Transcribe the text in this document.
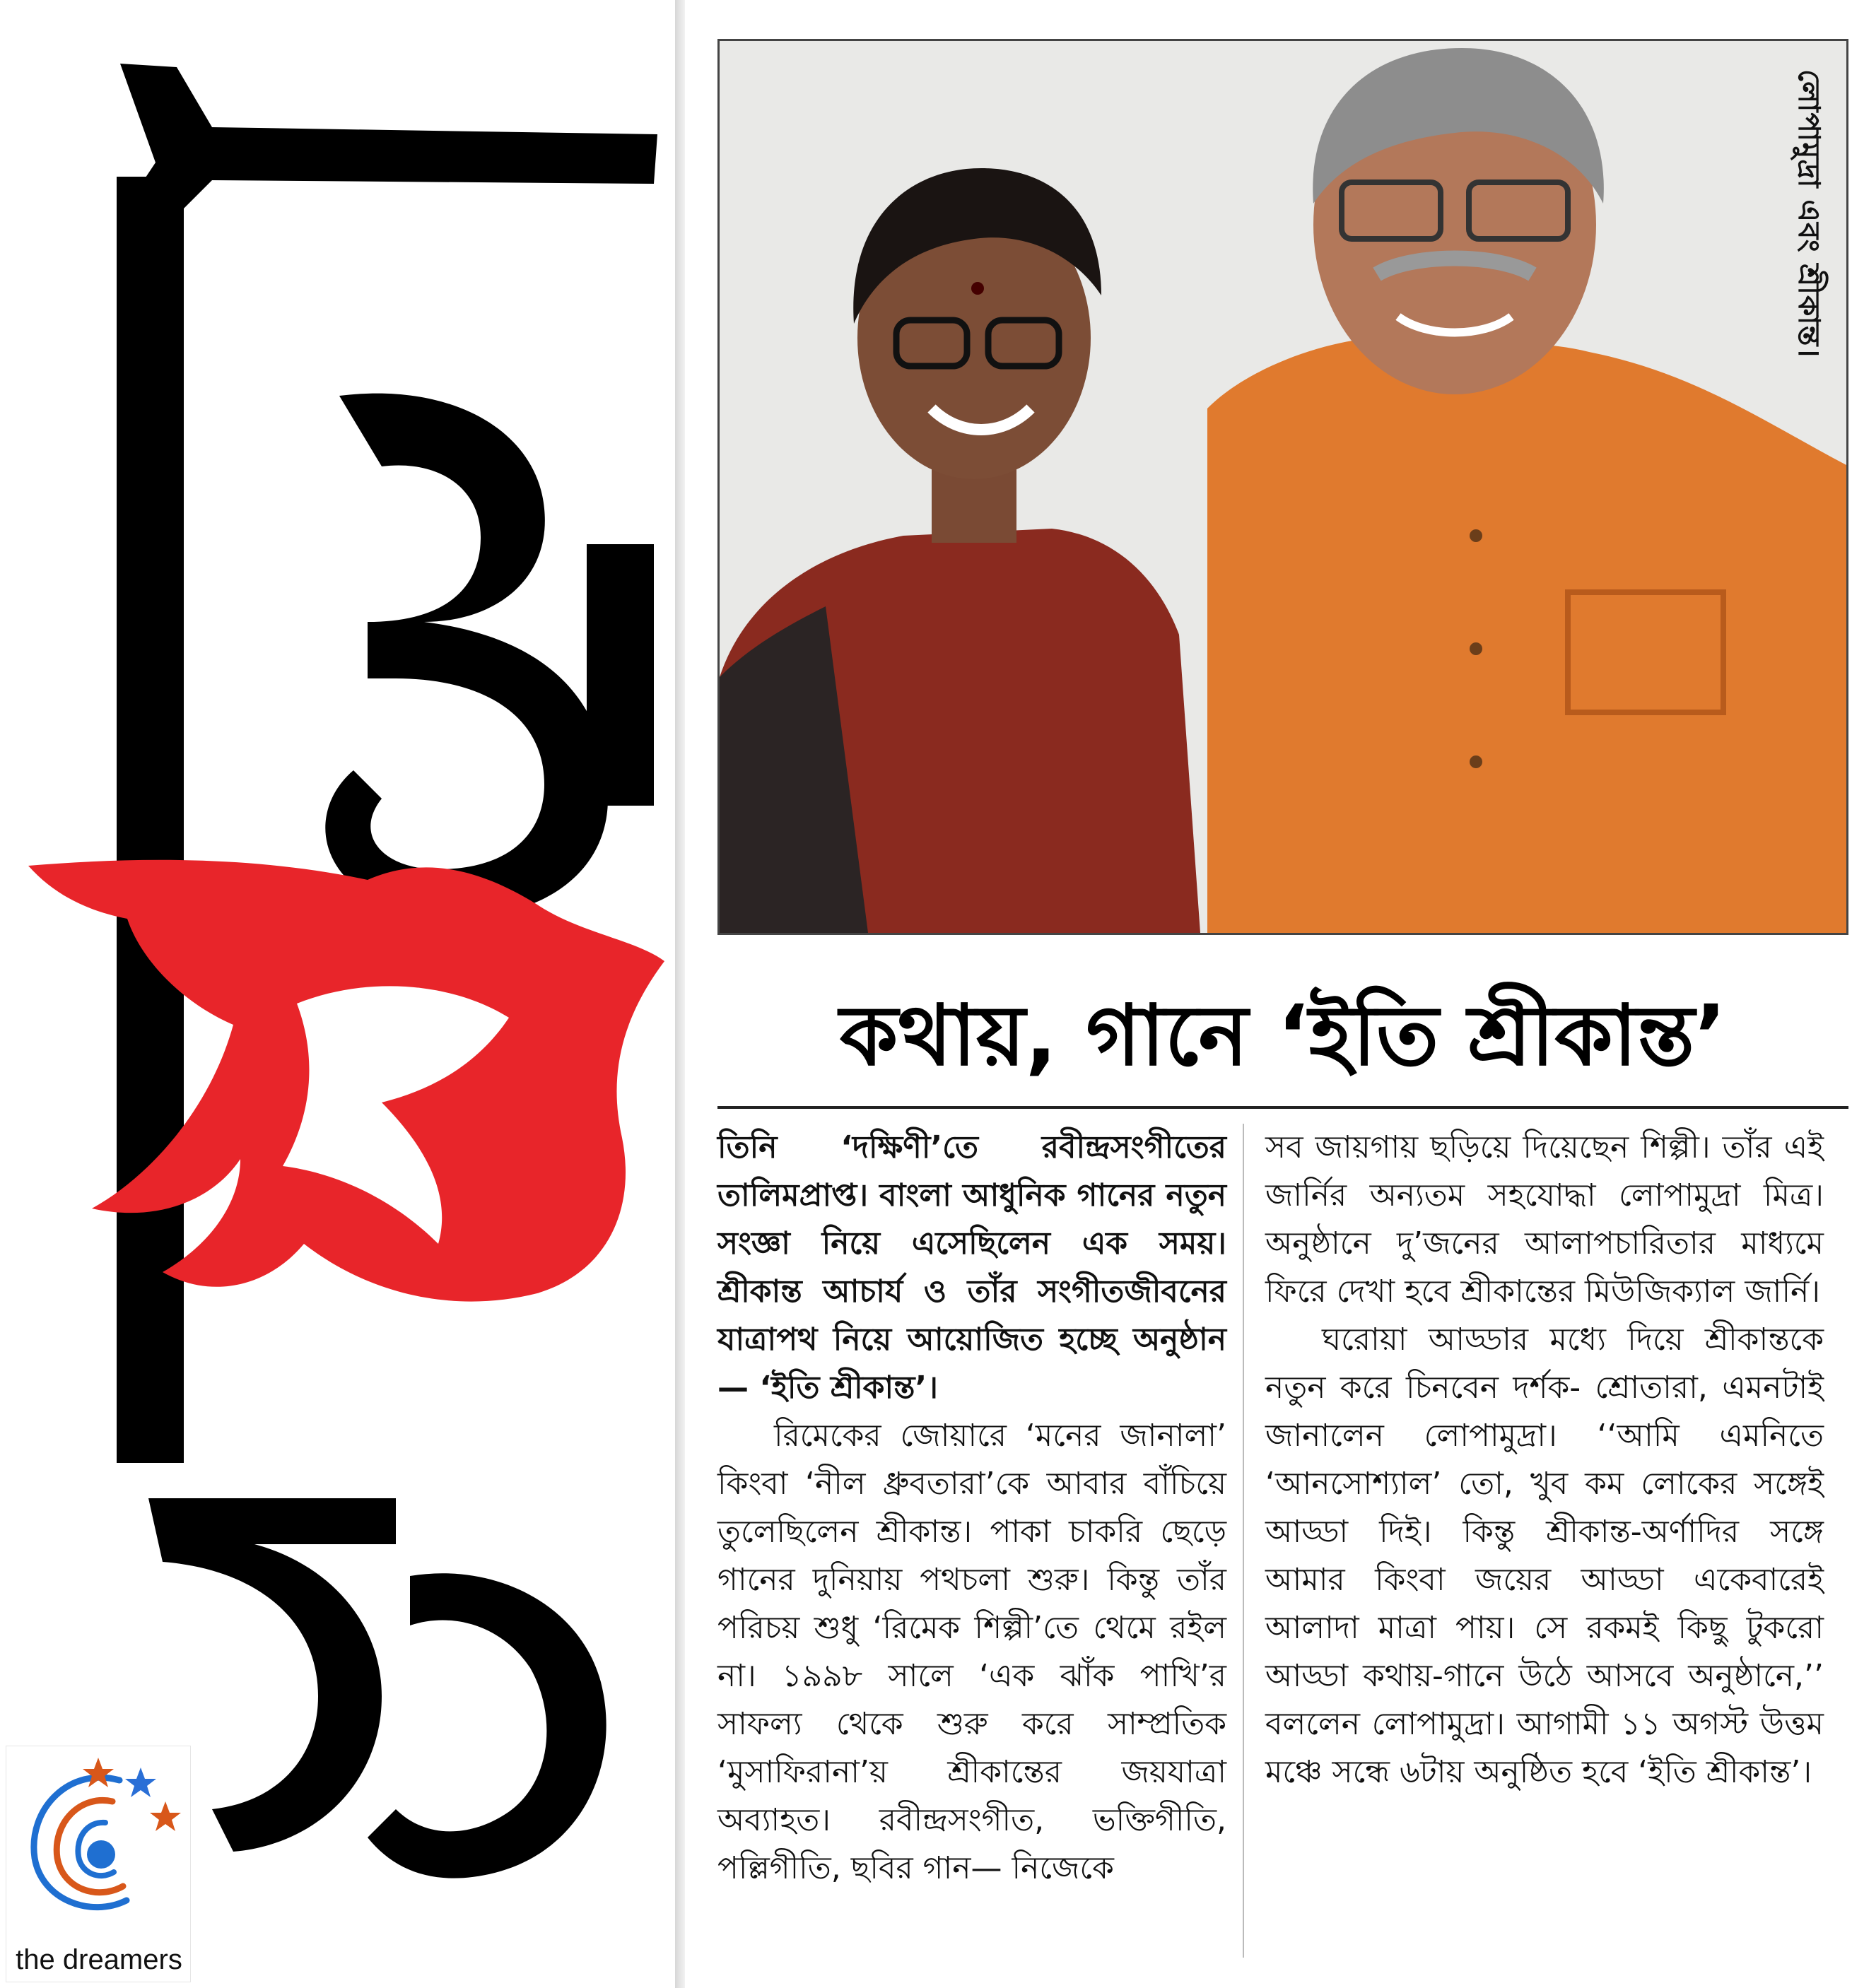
লোপামুদ্রা এবং শ্রীকান্ত।
কথায়, গানে ‘ইতি শ্রীকান্ত’

তিনি ‘দক্ষিণী’তে রবীন্দ্রসংগীতের তালিমপ্রাপ্ত। বাংলা আধুনিক গানের নতুন সংজ্ঞা নিয়ে এসেছিলেন এক সময়। শ্রীকান্ত আচার্য ও তাঁর সংগীতজীবনের যাত্রাপথ নিয়ে আয়োজিত হচ্ছে অনুষ্ঠান— ‘ইতি শ্রীকান্ত’।

রিমেকের জোয়ারে ‘মনের জানালা’ কিংবা ‘নীল ধ্রুবতারা’কে আবার বাঁচিয়ে তুলেছিলেন শ্রীকান্ত। পাকা চাকরি ছেড়ে গানের দুনিয়ায় পথচলা শুরু। কিন্তু তাঁর পরিচয় শুধু ‘রিমেক শিল্পী’তে থেমে রইল না। ১৯৯৮ সালে ‘এক ঝাঁক পাখি’র সাফল্য থেকে শুরু করে সাম্প্রতিক ‘মুসাফিরানা’য় শ্রীকান্তের জয়যাত্রা অব্যাহত। রবীন্দ্রসংগীত, ভক্তিগীতি, পল্লিগীতি, ছবির গান— নিজেকে

সব জায়গায় ছড়িয়ে দিয়েছেন শিল্পী। তাঁর এই জার্নির অন্যতম সহযোদ্ধা লোপামুদ্রা মিত্র। অনুষ্ঠানে দু’জনের আলাপচারিতার মাধ্যমে ফিরে দেখা হবে শ্রীকান্তের মিউজিক্যাল জার্নি।

ঘরোয়া আড্ডার মধ্যে দিয়ে শ্রীকান্তকে নতুন করে চিনবেন দর্শক- শ্রোতারা, এমনটাই জানালেন লোপামুদ্রা। ‘‘আমি এমনিতে ‘আনসোশ্যাল’ তো, খুব কম লোকের সঙ্গেই আড্ডা দিই। কিন্তু শ্রীকান্ত-অর্ণাদির সঙ্গে আমার কিংবা জয়ের আড্ডা একেবারেই আলাদা মাত্রা পায়। সে রকমই কিছু টুকরো আড্ডা কথায়-গানে উঠে আসবে অনুষ্ঠানে,’’ বললেন লোপামুদ্রা। আগামী ১১ অগস্ট উত্তম মঞ্চে সন্ধে ৬টায় অনুষ্ঠিত হবে ‘ইতি শ্রীকান্ত’।

the dreamers
